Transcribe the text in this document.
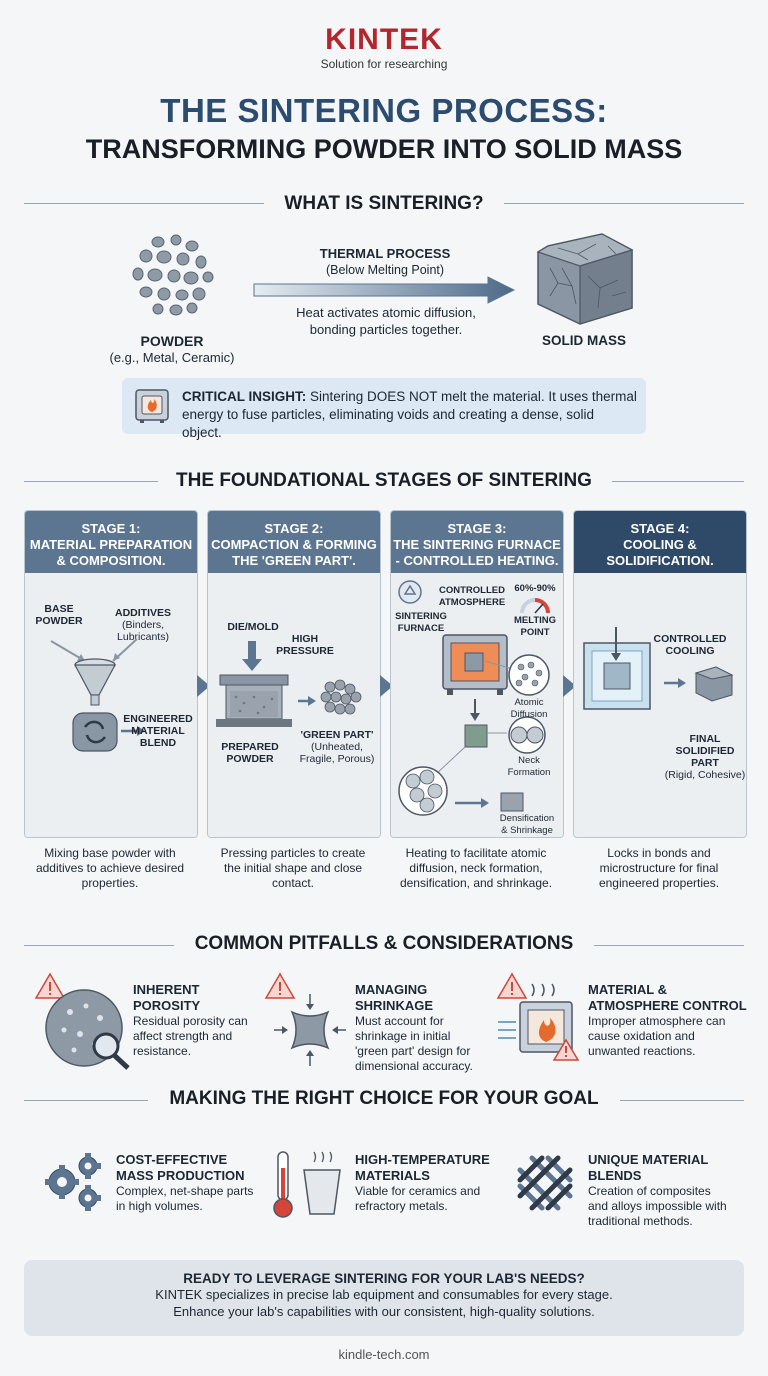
KINTEK
Solution for researching
THE SINTERING PROCESS:
TRANSFORMING POWDER INTO SOLID MASS
WHAT IS SINTERING?
POWDER
(e.g., Metal, Ceramic)
THERMAL PROCESS
(Below Melting Point)
Heat activates atomic diffusion,
bonding particles together.
SOLID MASS
CRITICAL INSIGHT: Sintering DOES NOT melt the material. It uses thermal energy to fuse particles, eliminating voids and creating a dense, solid object.
THE FOUNDATIONAL STAGES OF SINTERING
STAGE 1:
MATERIAL PREPARATION
& COMPOSITION.
BASE
POWDER
ADDITIVES
(Binders,
Lubricants)
ENGINEERED
MATERIAL
BLEND
Mixing base powder with
additives to achieve desired
properties.
STAGE 2:
COMPACTION & FORMING
THE 'GREEN PART'.
DIE/MOLD
HIGH
PRESSURE
PREPARED
POWDER
'GREEN PART'
(Unheated,
Fragile, Porous)
Pressing particles to create
the initial shape and close
contact.
STAGE 3:
THE SINTERING FURNACE
- CONTROLLED HEATING.
CONTROLLED
ATMOSPHERE
60%-90%
MELTING
POINT
SINTERING
FURNACE
Atomic
Diffusion
Neck
Formation
Densification
& Shrinkage
Heating to facilitate atomic
diffusion, neck formation,
densification, and shrinkage.
STAGE 4:
COOLING &
SOLIDIFICATION.
CONTROLLED
COOLING
FINAL
SOLIDIFIED
PART
(Rigid, Cohesive)
Locks in bonds and
microstructure for final
engineered properties.
COMMON PITFALLS & CONSIDERATIONS
INHERENT
POROSITY
Residual porosity can
affect strength and
resistance.
MANAGING
SHRINKAGE
Must account for
shrinkage in initial
'green part' design for
dimensional accuracy.
MATERIAL &
ATMOSPHERE CONTROL
Improper atmosphere can
cause oxidation and
unwanted reactions.
MAKING THE RIGHT CHOICE FOR YOUR GOAL
COST-EFFECTIVE
MASS PRODUCTION
Complex, net-shape parts
in high volumes.
HIGH-TEMPERATURE
MATERIALS
Viable for ceramics and
refractory metals.
UNIQUE MATERIAL
BLENDS
Creation of composites
and alloys impossible with
traditional methods.
READY TO LEVERAGE SINTERING FOR YOUR LAB'S NEEDS?
KINTEK specializes in precise lab equipment and consumables for every stage.
Enhance your lab's capabilities with our consistent, high-quality solutions.
kindle-tech.com
